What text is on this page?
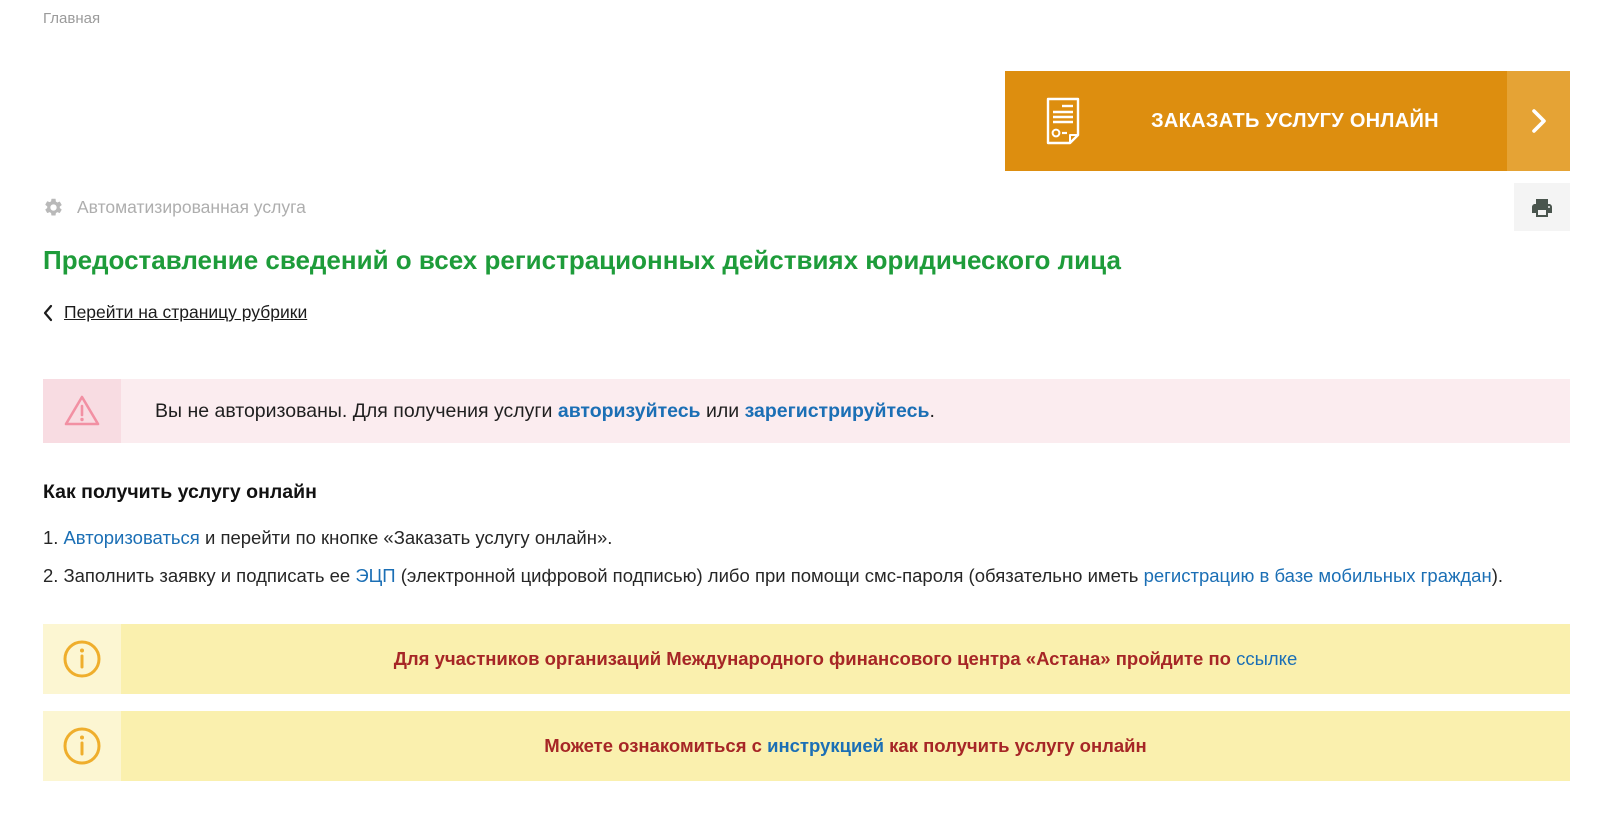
Главная
ЗАКАЗАТЬ УСЛУГУ ОНЛАЙН
Автоматизированная услуга
Предоставление сведений о всех регистрационных действиях юридического лица
Перейти на страницу рубрики
Вы не авторизованы. Для получения услуги авторизуйтесь или зарегистрируйтесь.
Как получить услугу онлайн
1. Авторизоваться и перейти по кнопке «Заказать услугу онлайн».
2. Заполнить заявку и подписать ее ЭЦП (электронной цифровой подписью) либо при помощи смс-пароля (обязательно иметь регистрацию в базе мобильных граждан).
Для участников организаций Международного финансового центра «Астана» пройдите по ссылке
Можете ознакомиться с инструкцией как получить услугу онлайн
